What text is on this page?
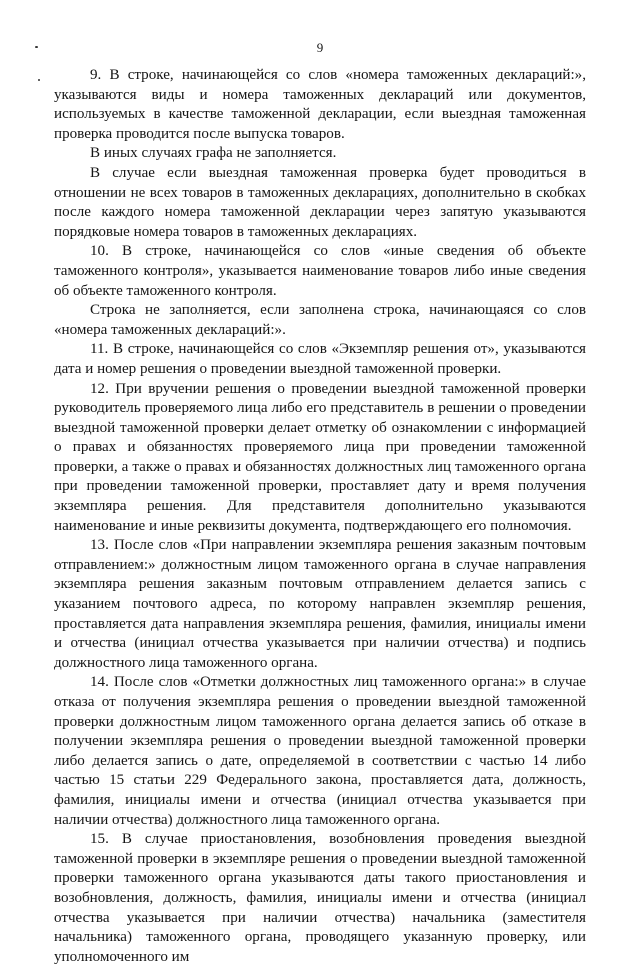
9

9. В строке, начинающейся со слов «номера таможенных деклараций:», указываются виды и номера таможенных деклараций или документов, используемых в качестве таможенной декларации, если выездная таможенная проверка проводится после выпуска товаров.

В иных случаях графа не заполняется.

В случае если выездная таможенная проверка будет проводиться в отношении не всех товаров в таможенных декларациях, дополнительно в скобках после каждого номера таможенной декларации через запятую указываются порядковые номера товаров в таможенных декларациях.

10. В строке, начинающейся со слов «иные сведения об объекте таможенного контроля», указывается наименование товаров либо иные сведения об объекте таможенного контроля.

Строка не заполняется, если заполнена строка, начинающаяся со слов «номера таможенных деклараций:».

11. В строке, начинающейся со слов «Экземпляр решения от», указываются дата и номер решения о проведении выездной таможенной проверки.

12. При вручении решения о проведении выездной таможенной проверки руководитель проверяемого лица либо его представитель в решении о проведении выездной таможенной проверки делает отметку об ознакомлении с информацией о правах и обязанностях проверяемого лица при проведении таможенной проверки, а также о правах и обязанностях должностных лиц таможенного органа при проведении таможенной проверки, проставляет дату и время получения экземпляра решения. Для представителя дополнительно указываются наименование и иные реквизиты документа, подтверждающего его полномочия.

13. После слов «При направлении экземпляра решения заказным почтовым отправлением:» должностным лицом таможенного органа в случае направления экземпляра решения заказным почтовым отправлением делается запись с указанием почтового адреса, по которому направлен экземпляр решения, проставляется дата направления экземпляра решения, фамилия, инициалы имени и отчества (инициал отчества указывается при наличии отчества) и подпись должностного лица таможенного органа.

14. После слов «Отметки должностных лиц таможенного органа:» в случае отказа от получения экземпляра решения о проведении выездной таможенной проверки должностным лицом таможенного органа делается запись об отказе в получении экземпляра решения о проведении выездной таможенной проверки либо делается запись о дате, определяемой в соответствии с частью 14 либо частью 15 статьи 229 Федерального закона, проставляется дата, должность, фамилия, инициалы имени и отчества (инициал отчества указывается при наличии отчества) должностного лица таможенного органа.

15. В случае приостановления, возобновления проведения выездной таможенной проверки в экземпляре решения о проведении выездной таможенной проверки таможенного органа указываются даты такого приостановления и возобновления, должность, фамилия, инициалы имени и отчества (инициал отчества указывается при наличии отчества) начальника (заместителя начальника) таможенного органа, проводящего указанную проверку, или уполномоченного им
